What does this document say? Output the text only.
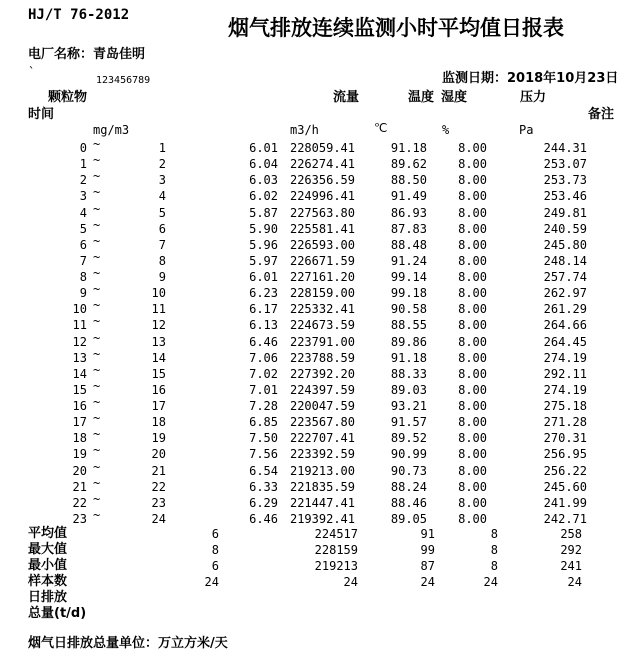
HJ/T 76-2012
烟气排放连续监测小时平均值日报表
电厂名称：青岛佳明
`
123456789	监测日期：2018年10月23日
颗粒物	流量	温度 湿度	压力
时间	备注
mg/m3	m3/h	℃	%	Pa
0 ~	1	6.01 228059.41	91.18	8.00	244.31
1 ~	2	6.04 226274.41	89.62	8.00	253.07
2 ~	3	6.03 226356.59	88.50	8.00	253.73
3 ~	4	6.02 224996.41	91.49	8.00	253.46
4 ~	5	5.87 227563.80	86.93	8.00	249.81
5 ~	6	5.90 225581.41	87.83	8.00	240.59
6 ~	7	5.96 226593.00	88.48	8.00	245.80
7 ~	8	5.97 226671.59	91.24	8.00	248.14
8 ~	9	6.01 227161.20	99.14	8.00	257.74
9 ~	10	6.23 228159.00	99.18	8.00	262.97
10 ~	11	6.17 225332.41	90.58	8.00	261.29
11 ~	12	6.13 224673.59	88.55	8.00	264.66
12 ~	13	6.46 223791.00	89.86	8.00	264.45
13 ~	14	7.06 223788.59	91.18	8.00	274.19
14 ~	15	7.02 227392.20	88.33	8.00	292.11
15 ~	16	7.01 224397.59	89.03	8.00	274.19
16 ~	17	7.28 220047.59	93.21	8.00	275.18
17 ~	18	6.85 223567.80	91.57	8.00	271.28
18 ~	19	7.50 222707.41	89.52	8.00	270.31
19 ~	20	7.56 223392.59	90.99	8.00	256.95
20 ~	21	6.54 219213.00	90.73	8.00	256.22
21 ~	22	6.33 221835.59	88.24	8.00	245.60
22 ~	23	6.29 221447.41	88.46	8.00	241.99
23 ~	24	6.46 219392.41	89.05	8.00	242.71
平均值	6	224517	91	8	258
最大值	8	228159	99	8	292
最小值	6	219213	87	8	241
样本数	24	24	24	24	24
日排放
总量(t/d)
烟气日排放总量单位：万立方米/天
